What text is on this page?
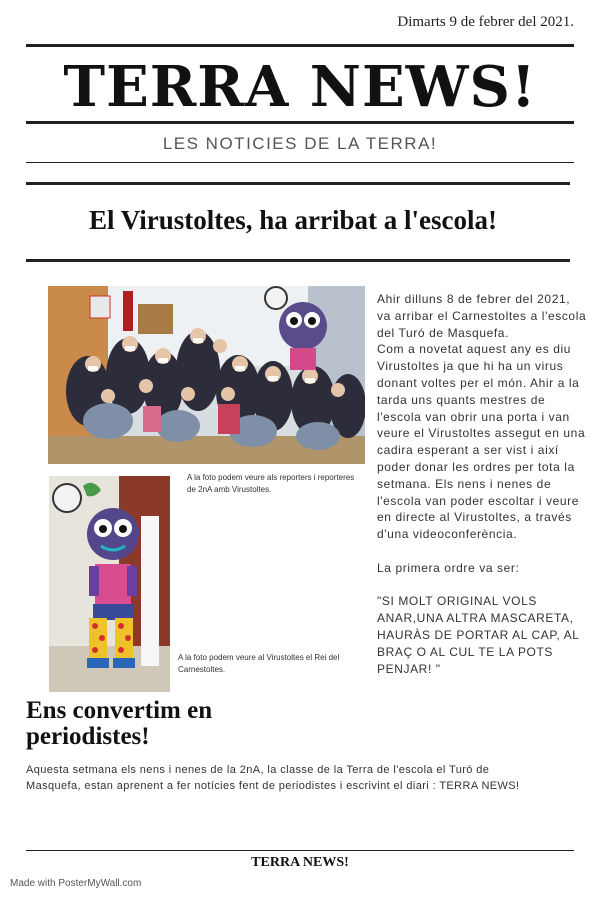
Dimarts 9 de febrer del 2021.
TERRA NEWS!
LES NOTICIES DE LA TERRA!
El Virustoltes, ha arribat a l'escola!
A la foto podem veure als reporters i reporteres de 2nA amb Virustoltes.
A la foto podem veure al Virustoltes el Rei del Carnestoltes.

Ahir dilluns 8 de febrer del 2021, va arribar el Carnestoltes a l'escola del Turó de Masquefa.
Com a novetat aquest any es diu Virustoltes ja que hi ha un virus donant voltes per el món. Ahir a la tarda uns quants mestres de l'escola van obrir una porta i van veure el Virustoltes assegut en una cadira esperant a ser vist i així poder donar les ordres per tota la setmana. Els nens i nenes de l'escola van poder escoltar i veure en directe al Virustoltes, a través d'una videoconferència.

La primera ordre va ser:

"SI MOLT ORIGINAL VOLS ANAR,UNA ALTRA MASCARETA, HAURÀS DE PORTAR AL CAP, AL BRAÇ O AL CUL TE LA POTS PENJAR! "

Ens convertim en periodistes!
Aquesta setmana els nens i nenes de la 2nA, la classe de la Terra de l'escola el Turó de Masquefa, estan aprenent a fer notícies fent de periodistes i escrivint el diari : TERRA NEWS!
TERRA NEWS!
Made with PosterMyWall.com
